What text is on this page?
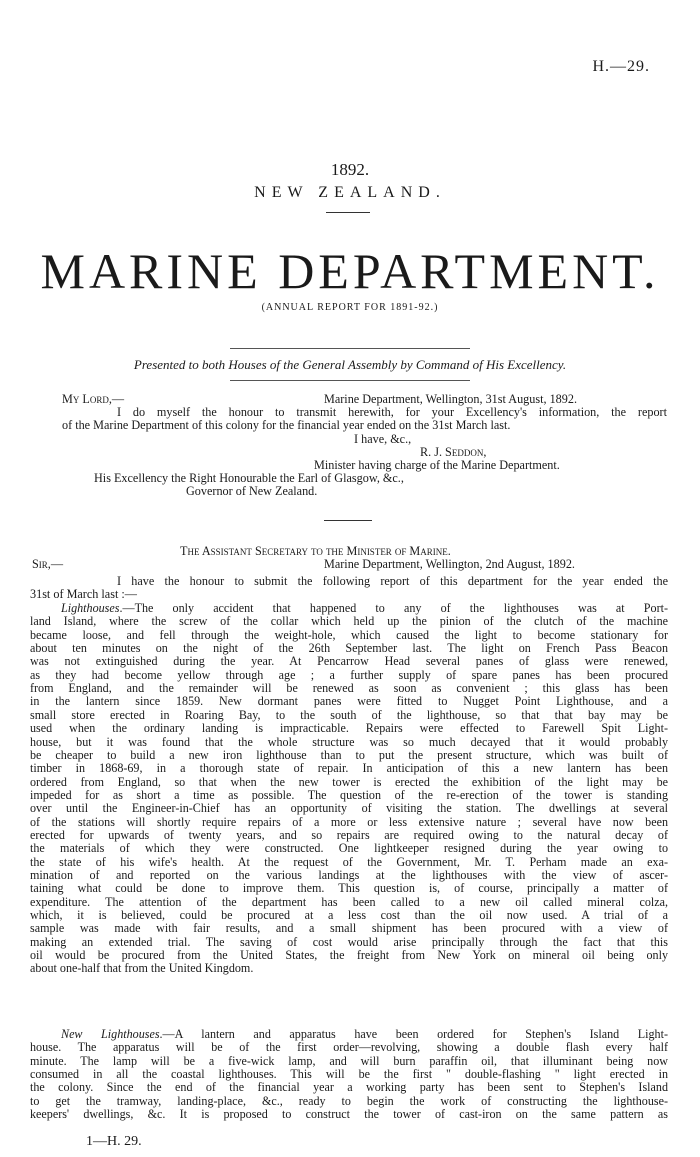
H.—29.
1892.
NEW ZEALAND.
MARINE DEPARTMENT.
(ANNUAL REPORT FOR 1891-92.)
Presented to both Houses of the General Assembly by Command of His Excellency.
My Lord,—	Marine Department, Wellington, 31st August, 1892.
I do myself the honour to transmit herewith, for your Excellency's information, the report
of the Marine Department of this colony for the financial year ended on the 31st March last.
I have, &c.,
R. J. Seddon,
Minister having charge of the Marine Department.
His Excellency the Right Honourable the Earl of Glasgow, &c.,
Governor of New Zealand.
The Assistant Secretary to the Minister of Marine.
Sir,—	Marine Department, Wellington, 2nd August, 1892.
I have the honour to submit the following report of this department for the year ended the
31st of March last :—
Lighthouses.—The only accident that happened to any of the lighthouses was at Port-
land Island, where the screw of the collar which held up the pinion of the clutch of the machine
became loose, and fell through the weight-hole, which caused the light to become stationary for
about ten minutes on the night of the 26th September last. The light on French Pass Beacon
was not extinguished during the year. At Pencarrow Head several panes of glass were renewed,
as they had become yellow through age ; a further supply of spare panes has been procured
from England, and the remainder will be renewed as soon as convenient ; this glass has been
in the lantern since 1859. New dormant panes were fitted to Nugget Point Lighthouse, and a
small store erected in Roaring Bay, to the south of the lighthouse, so that that bay may be
used when the ordinary landing is impracticable. Repairs were effected to Farewell Spit Light-
house, but it was found that the whole structure was so much decayed that it would probably
be cheaper to build a new iron lighthouse than to put the present structure, which was built of
timber in 1868-69, in a thorough state of repair. In anticipation of this a new lantern has been
ordered from England, so that when the new tower is erected the exhibition of the light may be
impeded for as short a time as possible. The question of the re-erection of the tower is standing
over until the Engineer-in-Chief has an opportunity of visiting the station. The dwellings at several
of the stations will shortly require repairs of a more or less extensive nature ; several have now been
erected for upwards of twenty years, and so repairs are required owing to the natural decay of
the materials of which they were constructed. One lightkeeper resigned during the year owing to
the state of his wife's health. At the request of the Government, Mr. T. Perham made an exa-
mination of and reported on the various landings at the lighthouses with the view of ascer-
taining what could be done to improve them. This question is, of course, principally a matter of
expenditure. The attention of the department has been called to a new oil called mineral colza,
which, it is believed, could be procured at a less cost than the oil now used. A trial of a
sample was made with fair results, and a small shipment has been procured with a view of
making an extended trial. The saving of cost would arise principally through the fact that this
oil would be procured from the United States, the freight from New York on mineral oil being only
about one-half that from the United Kingdom.
New Lighthouses.—A lantern and apparatus have been ordered for Stephen's Island Light-
house. The apparatus will be of the first order—revolving, showing a double flash every half
minute. The lamp will be a five-wick lamp, and will burn paraffin oil, that illuminant being now
consumed in all the coastal lighthouses. This will be the first " double-flashing " light erected in
the colony. Since the end of the financial year a working party has been sent to Stephen's Island
to get the tramway, landing-place, &c., ready to begin the work of constructing the lighthouse-
keepers' dwellings, &c. It is proposed to construct the tower of cast-iron on the same pattern as
1—H. 29.
